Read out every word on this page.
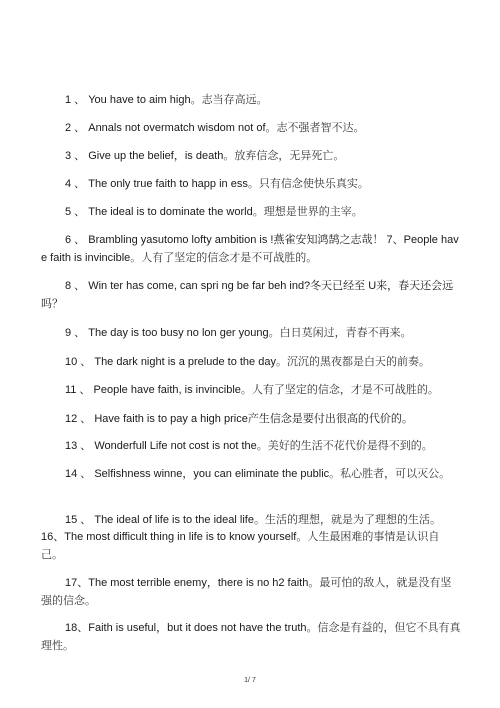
1 、 You have to aim high。志当存高远。
2 、 Annals not overmatch wisdom not of。志不强者智不达。
3 、 Give up the belief，is death。放弃信念，无异死亡。
4 、 The only true faith to happ in ess。只有信念使快乐真实。
5 、 The ideal is to dominate the world。理想是世界的主宰。
6 、 Brambling yasutomo lofty ambition is !燕雀安知鸿鹄之志哉！ 7、People have faith is invincible。人有了坚定的信念才是不可战胜的。
8 、 Win ter has come, can spri ng be far beh ind?冬天已经至 U来，春天还会远吗？
9 、 The day is too busy no lon ger young。白日莫闲过，青春不再来。
10 、 The dark night is a prelude to the day。沉沉的黑夜都是白天的前奏。
11 、 People have faith, is invincible。人有了坚定的信念，才是不可战胜的。
12 、 Have faith is to pay a high price产生信念是要付出很高的代价的。
13 、 Wonderfull Life not cost is not the。美好的生活不花代价是得不到的。
14 、 Selfishness winne，you can eliminate the public。私心胜者，可以灭公。
15 、 The ideal of life is to the ideal life。生活的理想，就是为了理想的生活。
16、The most difficult thing in life is to know yourself。人生最困难的事情是认识自己。
17、The most terrible enemy，there is no h2 faith。最可怕的敌人，就是没有坚强的信念。
18、Faith is useful，but it does not have the truth。信念是有益的，但它不具有真理性。
1/ 7
